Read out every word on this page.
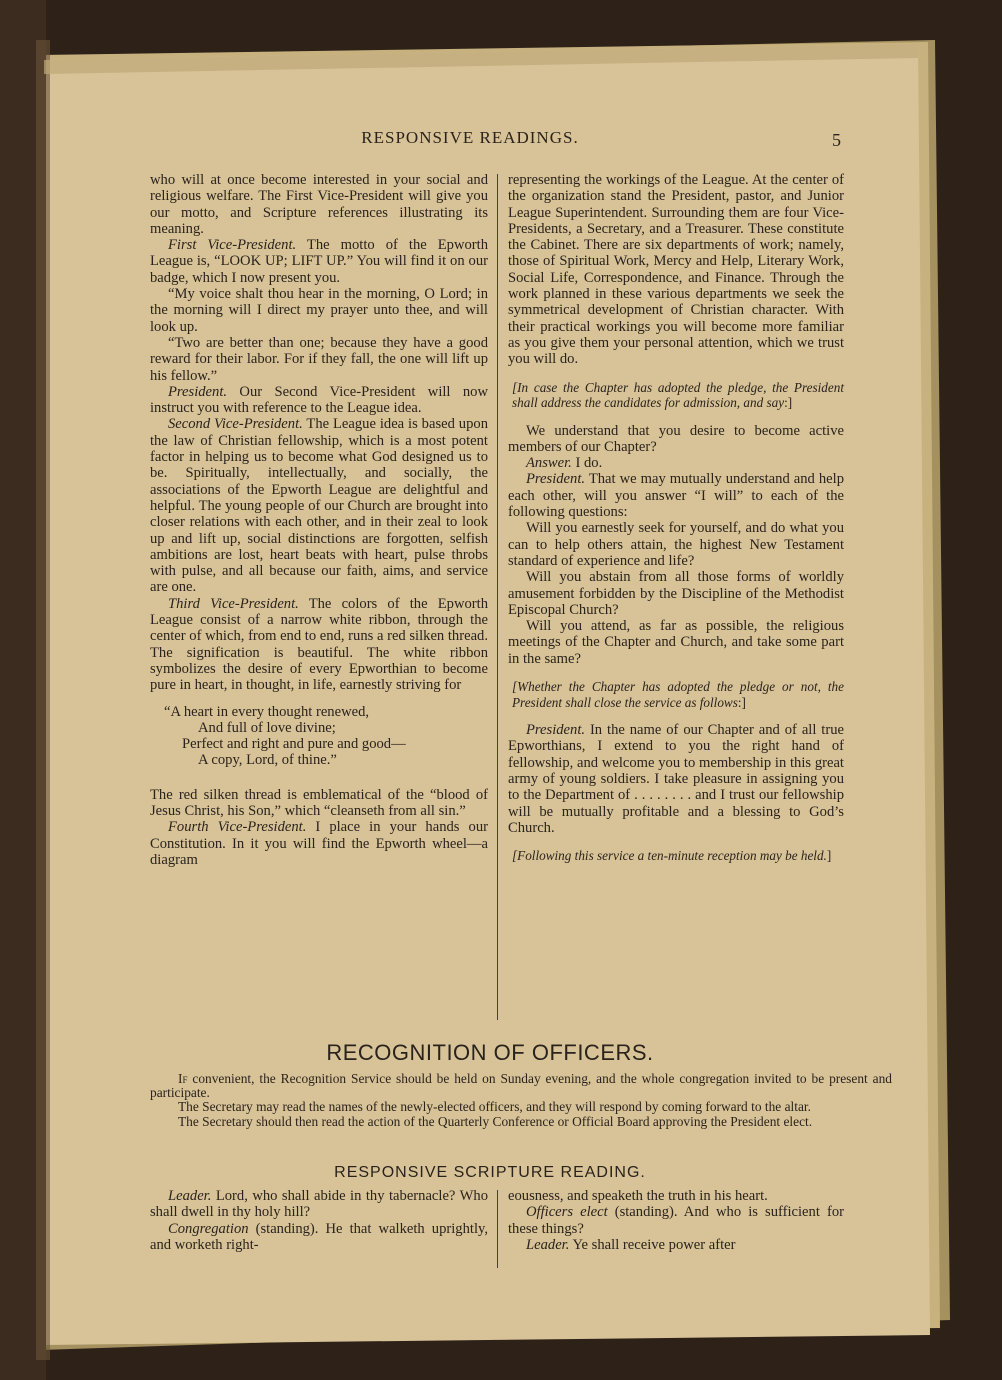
RESPONSIVE READINGS.	5

who will at once become interested in your social and religious welfare. The First Vice-President will give you our motto, and Scripture references illustrating its meaning.

First Vice-President. The motto of the Epworth League is, “LOOK UP; LIFT UP.” You will find it on our badge, which I now present you.

“My voice shalt thou hear in the morning, O Lord; in the morning will I direct my prayer unto thee, and will look up.

“Two are better than one; because they have a good reward for their labor. For if they fall, the one will lift up his fellow.”

President. Our Second Vice-President will now instruct you with reference to the League idea.

Second Vice-President. The League idea is based upon the law of Christian fellowship, which is a most potent factor in helping us to become what God designed us to be. Spiritually, intellectually, and socially, the associations of the Epworth League are delightful and helpful. The young people of our Church are brought into closer relations with each other, and in their zeal to look up and lift up, social distinctions are forgotten, selfish ambitions are lost, heart beats with heart, pulse throbs with pulse, and all because our faith, aims, and service are one.

Third Vice-President. The colors of the Epworth League consist of a narrow white ribbon, through the center of which, from end to end, runs a red silken thread. The signification is beautiful. The white ribbon symbolizes the desire of every Epworthian to become pure in heart, in thought, in life, earnestly striving for

“A heart in every thought renewed,
And full of love divine;
Perfect and right and pure and good—
A copy, Lord, of thine.”

The red silken thread is emblematical of the “blood of Jesus Christ, his Son,” which “cleanseth from all sin.”

Fourth Vice-President. I place in your hands our Constitution. In it you will find the Epworth wheel—a diagram

representing the workings of the League. At the center of the organization stand the President, pastor, and Junior League Superintendent. Surrounding them are four Vice-Presidents, a Secretary, and a Treasurer. These constitute the Cabinet. There are six departments of work; namely, those of Spiritual Work, Mercy and Help, Literary Work, Social Life, Correspondence, and Finance. Through the work planned in these various departments we seek the symmetrical development of Christian character. With their practical workings you will become more familiar as you give them your personal attention, which we trust you will do.

[In case the Chapter has adopted the pledge, the President shall address the candidates for admission, and say:]

We understand that you desire to become active members of our Chapter?

Answer. I do.

President. That we may mutually understand and help each other, will you answer “I will” to each of the following questions:

Will you earnestly seek for yourself, and do what you can to help others attain, the highest New Testament standard of experience and life?

Will you abstain from all those forms of worldly amusement forbidden by the Discipline of the Methodist Episcopal Church?

Will you attend, as far as possible, the religious meetings of the Chapter and Church, and take some part in the same?

[Whether the Chapter has adopted the pledge or not, the President shall close the service as follows:]

President. In the name of our Chapter and of all true Epworthians, I extend to you the right hand of fellowship, and welcome you to membership in this great army of young soldiers. I take pleasure in assigning you to the Department of . . . . . . . . and I trust our fellowship will be mutually profitable and a blessing to God’s Church.

[Following this service a ten-minute reception may be held.]

RECOGNITION OF OFFICERS.

If convenient, the Recognition Service should be held on Sunday evening, and the whole congregation invited to be present and participate.

The Secretary may read the names of the newly-elected officers, and they will respond by coming forward to the altar.

The Secretary should then read the action of the Quarterly Conference or Official Board approving the President elect.

RESPONSIVE SCRIPTURE READING.

Leader. Lord, who shall abide in thy tabernacle? Who shall dwell in thy holy hill?

Congregation (standing). He that walketh uprightly, and worketh right-

eousness, and speaketh the truth in his heart.

Officers elect (standing). And who is sufficient for these things?

Leader. Ye shall receive power after
